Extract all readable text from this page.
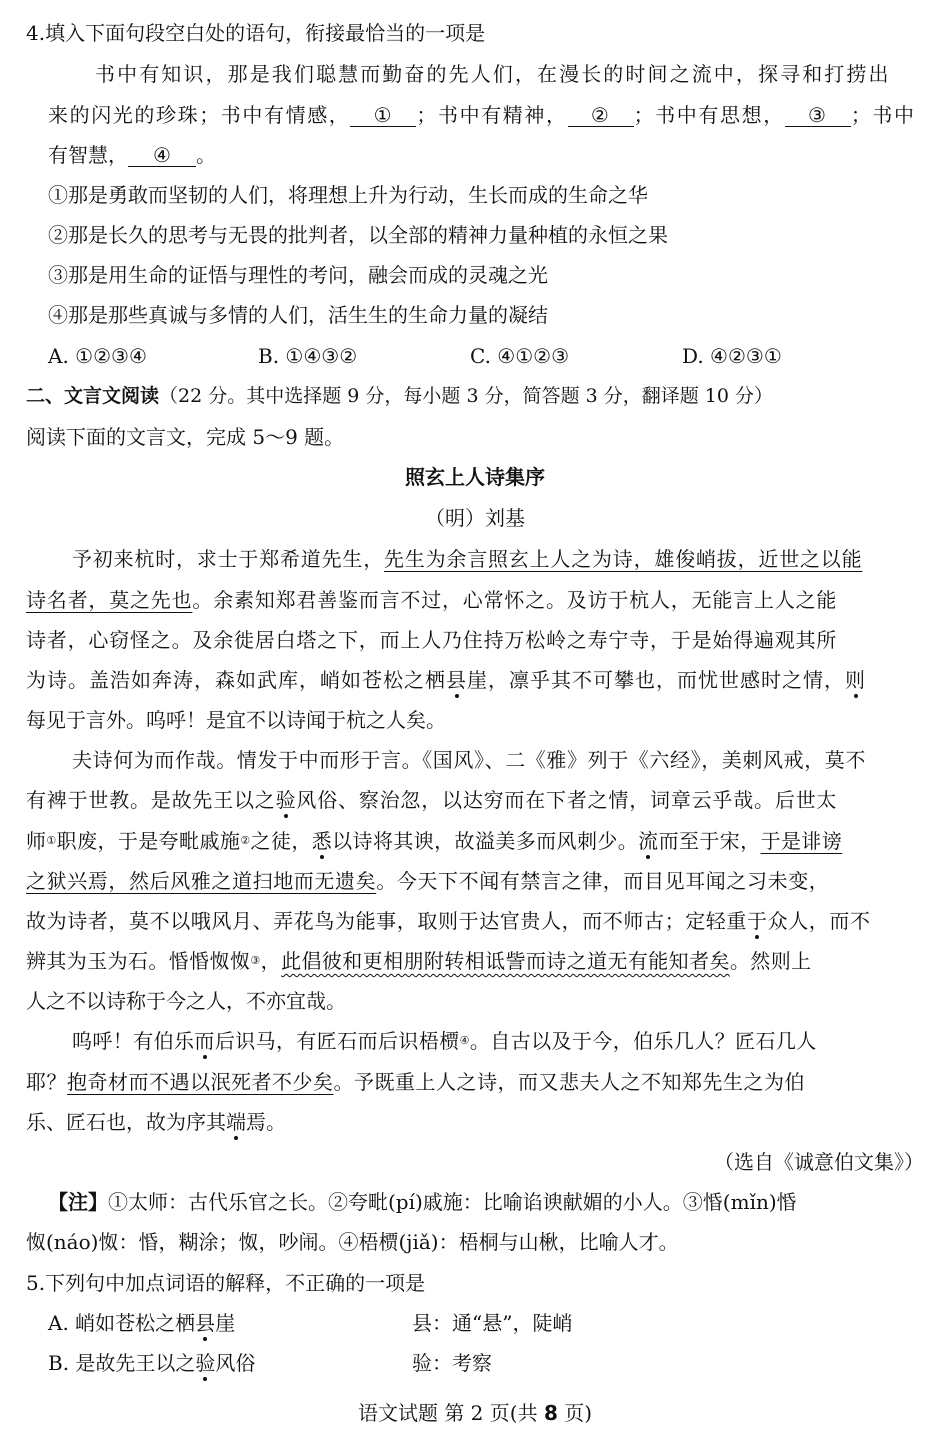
4.填入下面句段空白处的语句，衔接最恰当的一项是
书中有知识，那是我们聪慧而勤奋的先人们，在漫长的时间之流中，探寻和打捞出
来的闪光的珍珠；书中有情感， ① ；书中有精神， ② ；书中有思想， ③ ；书中
有智慧， ④ 。
①那是勇敢而坚韧的人们，将理想上升为行动，生长而成的生命之华
②那是长久的思考与无畏的批判者，以全部的精神力量种植的永恒之果
③那是用生命的证悟与理性的考问，融会而成的灵魂之光
④那是那些真诚与多情的人们，活生生的生命力量的凝结
A. ①②③④	B. ①④③②	C. ④①②③	D. ④②③①
二、文言文阅读（22 分。其中选择题 9 分，每小题 3 分，简答题 3 分，翻译题 10 分）
阅读下面的文言文，完成 5～9 题。
照玄上人诗集序
（明）刘基
予初来杭时，求士于郑希道先生，先生为余言照玄上人之为诗，雄俊峭拔，近世之以能
诗名者，莫之先也。余素知郑君善鉴而言不过，心常怀之。及访于杭人，无能言上人之能
诗者，心窃怪之。及余徙居白塔之下，而上人乃住持万松岭之寿宁寺，于是始得遍观其所
为诗。盖浩如奔涛，森如武库，峭如苍松之栖县崖，凛乎其不可攀也，而忧世感时之情，则
每见于言外。呜呼！是宜不以诗闻于杭之人矣。
夫诗何为而作哉。情发于中而形于言。《国风》、二《雅》列于《六经》，美刺风戒，莫不
有裨于世教。是故先王以之验风俗、察治忽，以达穷而在下者之情，词章云乎哉。后世太
师①职废，于是夸毗戚施②之徒，悉以诗将其谀，故溢美多而风刺少。流而至于宋，于是诽谤
之狱兴焉，然后风雅之道扫地而无遗矣。今天下不闻有禁言之律，而目见耳闻之习未变，
故为诗者，莫不以哦风月、弄花鸟为能事，取则于达官贵人，而不师古；定轻重于众人，而不
辨其为玉为石。惛惛怓怓③，此倡彼和更相朋附转相诋訾而诗之道无有能知者矣。然则上
人之不以诗称于今之人，不亦宜哉。
呜呼！有伯乐而后识马，有匠石而后识梧槚④。自古以及于今，伯乐几人？匠石几人
耶？抱奇材而不遇以泯死者不少矣。予既重上人之诗，而又悲夫人之不知郑先生之为伯
乐、匠石也，故为序其端焉。
（选自《诚意伯文集》）
【注】①太师：古代乐官之长。②夸毗(pí)戚施：比喻谄谀献媚的小人。③惛(mǐn)惛
怓(náo)怓：惛，糊涂；怓，吵闹。④梧槚(jiǎ)：梧桐与山楸，比喻人才。
5.下列句中加点词语的解释，不正确的一项是
A. 峭如苍松之栖县崖	县：通“悬”，陡峭
B. 是故先王以之验风俗	验：考察
语文试题 第 2 页(共 8 页)
